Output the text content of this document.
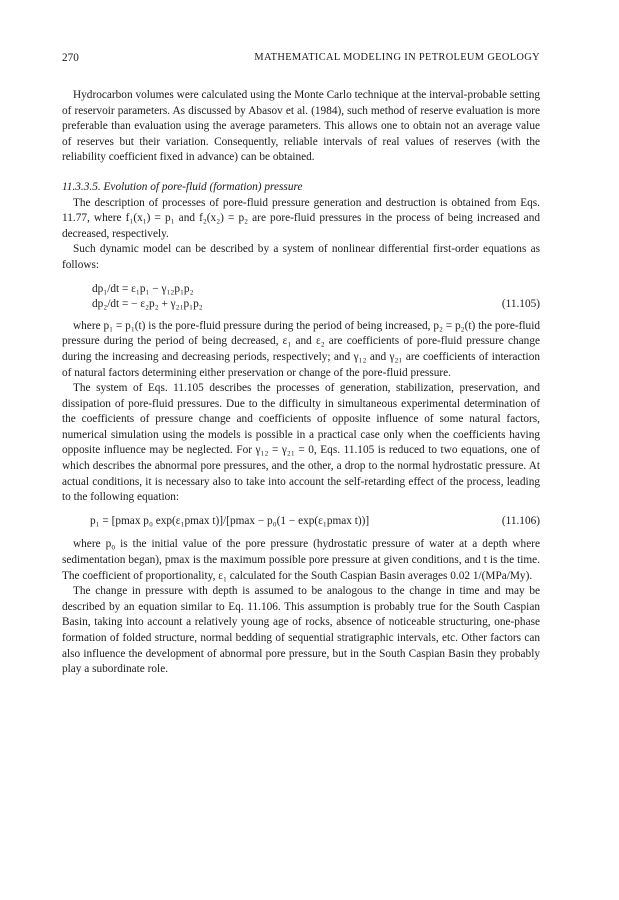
270	MATHEMATICAL MODELING IN PETROLEUM GEOLOGY

Hydrocarbon volumes were calculated using the Monte Carlo technique at the interval-probable setting of reservoir parameters. As discussed by Abasov et al. (1984), such method of reserve evaluation is more preferable than evaluation using the average parameters. This allows one to obtain not an average value of reserves but their variation. Consequently, reliable intervals of real values of reserves (with the reliability coefficient fixed in advance) can be obtained.

11.3.3.5. Evolution of pore-fluid (formation) pressure

The description of processes of pore-fluid pressure generation and destruction is obtained from Eqs. 11.77, where f₁(x₁) = p₁ and f₂(x₂) = p₂ are pore-fluid pressures in the process of being increased and decreased, respectively.

Such dynamic model can be described by a system of nonlinear differential first-order equations as follows:

dp₁/dt = ε₁p₁ − γ₁₂p₁p₂
dp₂/dt = − ε₂p₂ + γ₂₁p₁p₂	(11.105)

where p₁ = p₁(t) is the pore-fluid pressure during the period of being increased, p₂ = p₂(t) the pore-fluid pressure during the period of being decreased, ε₁ and ε₂ are coefficients of pore-fluid pressure change during the increasing and decreasing periods, respectively; and γ₁₂ and γ₂₁ are coefficients of interaction of natural factors determining either preservation or change of the pore-fluid pressure.

The system of Eqs. 11.105 describes the processes of generation, stabilization, preservation, and dissipation of pore-fluid pressures. Due to the difficulty in simultaneous experimental determination of the coefficients of pressure change and coefficients of opposite influence of some natural factors, numerical simulation using the models is possible in a practical case only when the coefficients having opposite influence may be neglected. For γ₁₂ = γ₂₁ = 0, Eqs. 11.105 is reduced to two equations, one of which describes the abnormal pore pressures, and the other, a drop to the normal hydrostatic pressure. At actual conditions, it is necessary also to take into account the self-retarding effect of the process, leading to the following equation:

p₁ = [pmax p₀ exp(ε₁pmax t)]/[pmax − p₀(1 − exp(ε₁pmax t))]	(11.106)

where p₀ is the initial value of the pore pressure (hydrostatic pressure of water at a depth where sedimentation began), pmax is the maximum possible pore pressure at given conditions, and t is the time. The coefficient of proportionality, ε₁ calculated for the South Caspian Basin averages 0.02 1/(MPa/My).

The change in pressure with depth is assumed to be analogous to the change in time and may be described by an equation similar to Eq. 11.106. This assumption is probably true for the South Caspian Basin, taking into account a relatively young age of rocks, absence of noticeable structuring, one-phase formation of folded structure, normal bedding of sequential stratigraphic intervals, etc. Other factors can also influence the development of abnormal pore pressure, but in the South Caspian Basin they probably play a subordinate role.
